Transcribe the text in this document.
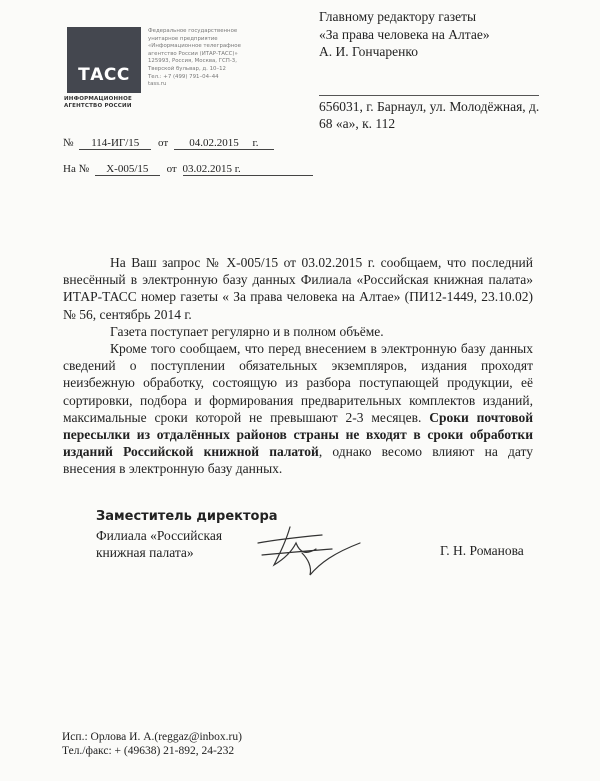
ТАСС
ИНФОРМАЦИОННОЕ
АГЕНТСТВО РОССИИ
Федеральное государственное
унитарное предприятие
«Информационное телеграфное
агентство России (ИТАР-ТАСС)»
125993, Россия, Москва, ГСП-3,
Тверской бульвар, д. 10–12
Тел.: +7 (499) 791–04–44
tass.ru
Главному редактору газеты
«За права человека на Алтае»
А. И. Гончаренко
656031, г. Барнаул, ул. Молодёжная, д.
68 «а», к. 112
№ 114-ИГ/15 от 04.02.2015 г.
На № Х-005/15 от 03.02.2015 г.

На Ваш запрос № Х-005/15 от 03.02.2015 г. сообщаем, что последний внесённый в электронную базу данных Филиала «Российская книжная палата» ИТАР-ТАСС номер газеты « За права человека на Алтае» (ПИ12-1449, 23.10.02) № 56, сентябрь 2014 г.

Газета поступает регулярно и в полном объёме.

Кроме того сообщаем, что перед внесением в электронную базу данных сведений о поступлении обязательных экземпляров, издания проходят неизбежную обработку, состоящую из разбора поступающей продукции, её сортировки, подбора и формирования предварительных комплектов изданий, максимальные сроки которой не превышают 2-3 месяцев. Сроки почтовой пересылки из отдалённых районов страны не входят в сроки обработки изданий Российской книжной палатой, однако весомо влияют на дату внесения в электронную базу данных.

Заместитель директора
Филиала «Российская
книжная палата»	Г. Н. Романова
Исп.: Орлова И. А.(reggaz@inbox.ru)
Тел./факс: + (49638) 21-892, 24-232
